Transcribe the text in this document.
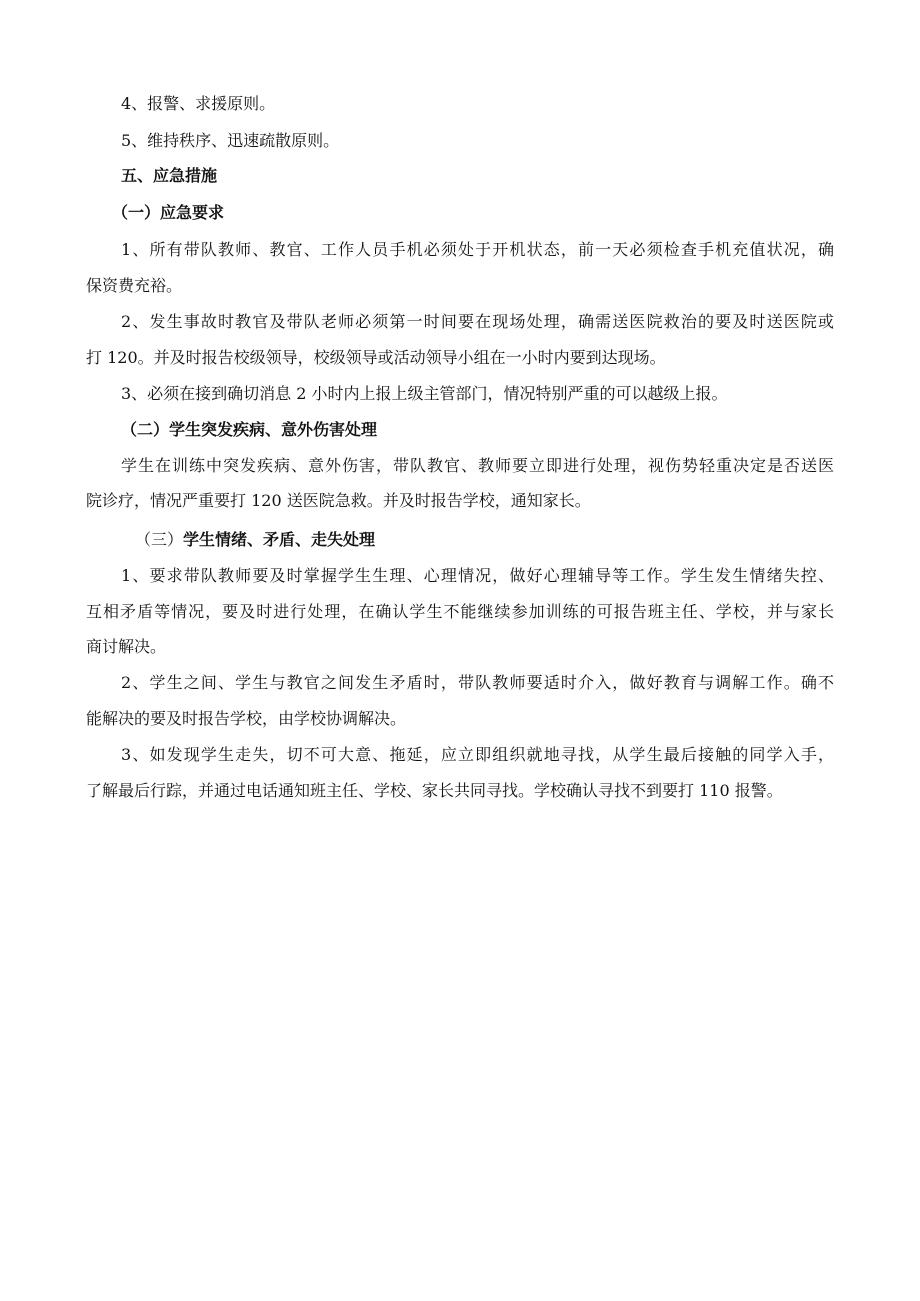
4、报警、求援原则。
5、维持秩序、迅速疏散原则。
五、应急措施
（一）应急要求
1、所有带队教师、教官、工作人员手机必须处于开机状态，前一天必须检查手机充值状况，确
保资费充裕。
2、发生事故时教官及带队老师必须第一时间要在现场处理，确需送医院救治的要及时送医院或
打 120。并及时报告校级领导，校级领导或活动领导小组在一小时内要到达现场。
3、必须在接到确切消息 2 小时内上报上级主管部门，情况特别严重的可以越级上报。
（二）学生突发疾病、意外伤害处理
学生在训练中突发疾病、意外伤害，带队教官、教师要立即进行处理，视伤势轻重决定是否送医
院诊疗，情况严重要打 120 送医院急救。并及时报告学校，通知家长。
（三）学生情绪、矛盾、走失处理
1、要求带队教师要及时掌握学生生理、心理情况，做好心理辅导等工作。学生发生情绪失控、
互相矛盾等情况，要及时进行处理，在确认学生不能继续参加训练的可报告班主任、学校，并与家长
商讨解决。
2、学生之间、学生与教官之间发生矛盾时，带队教师要适时介入，做好教育与调解工作。确不
能解决的要及时报告学校，由学校协调解决。
3、如发现学生走失，切不可大意、拖延，应立即组织就地寻找，从学生最后接触的同学入手，
了解最后行踪，并通过电话通知班主任、学校、家长共同寻找。学校确认寻找不到要打 110 报警。
